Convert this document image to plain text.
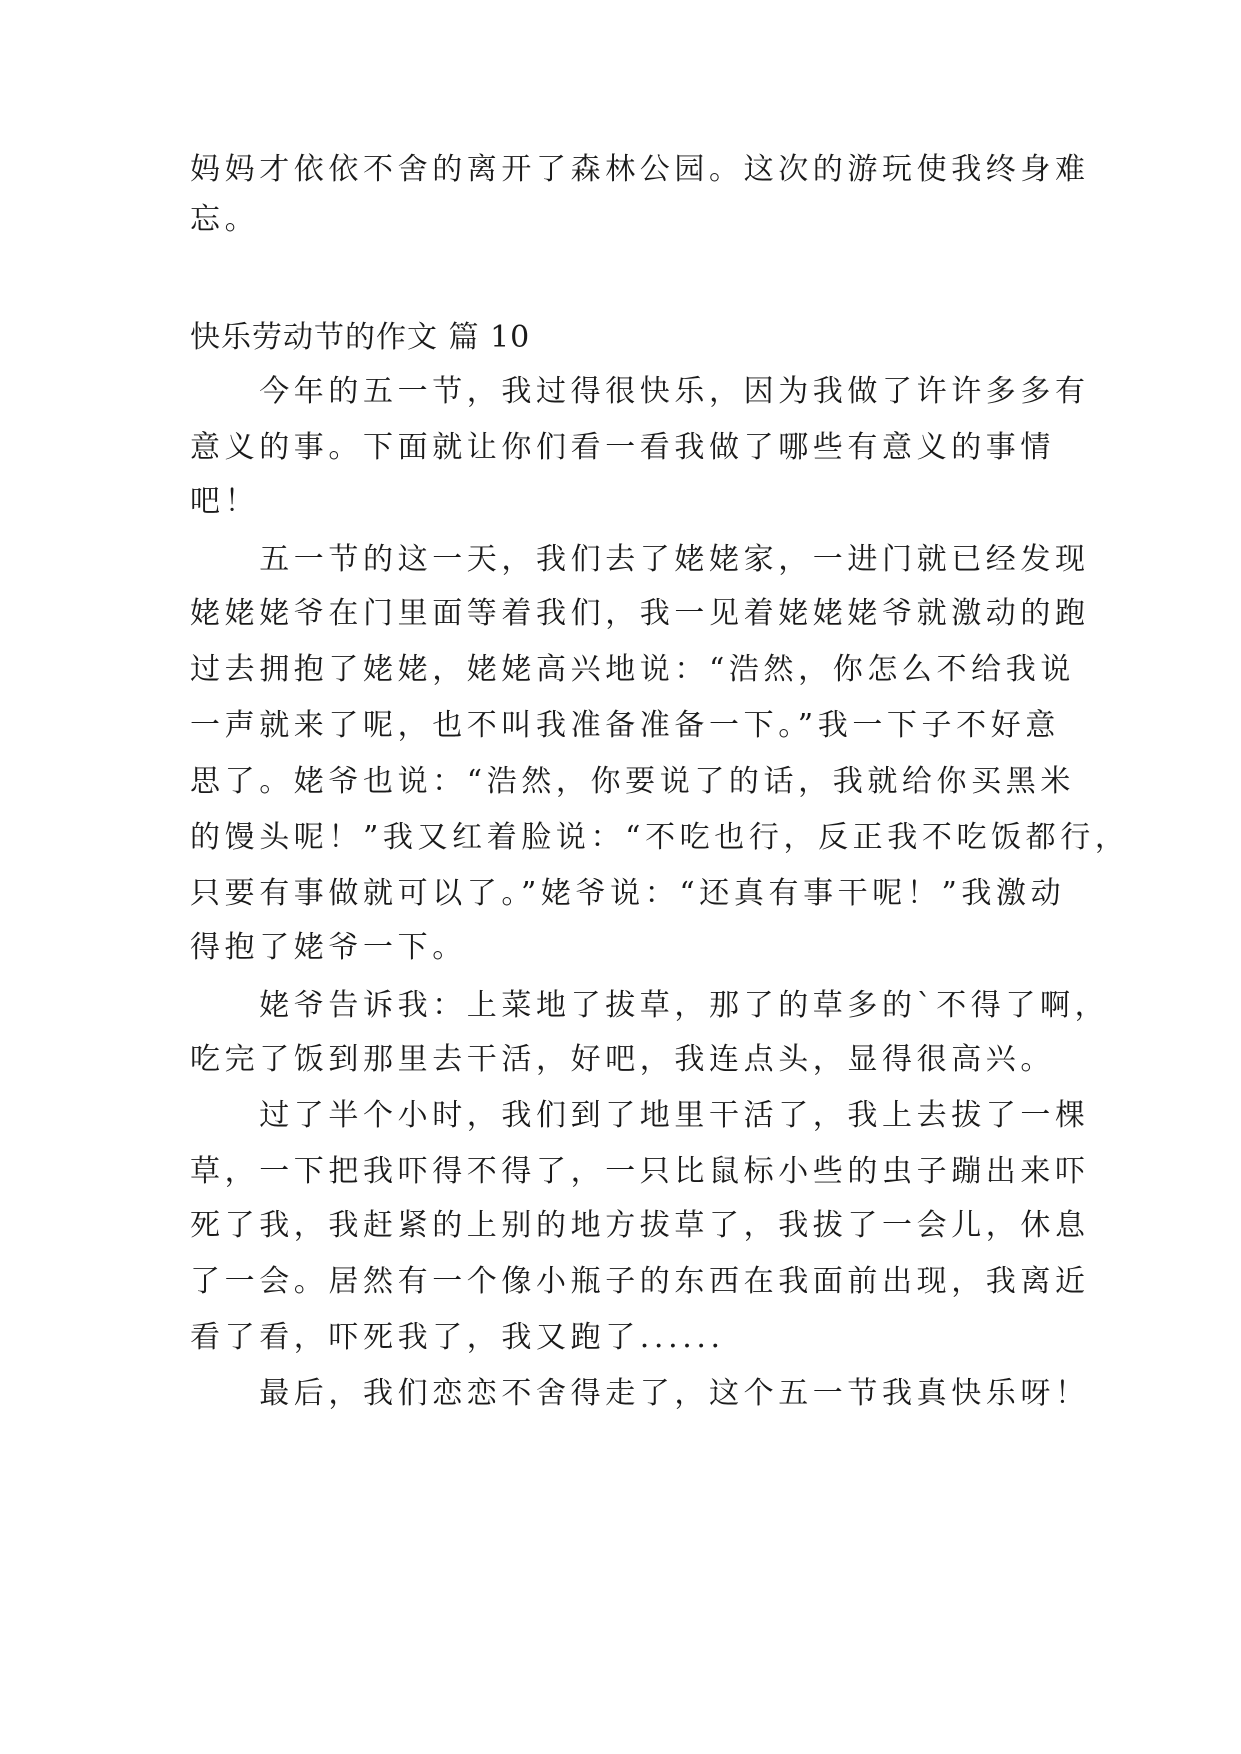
妈妈才依依不舍的离开了森林公园。这次的游玩使我终身难
忘。
快乐劳动节的作文 篇 10
　　今年的五一节，我过得很快乐，因为我做了许许多多有
意义的事。下面就让你们看一看我做了哪些有意义的事情
吧！
　　五一节的这一天，我们去了姥姥家，一进门就已经发现
姥姥姥爷在门里面等着我们，我一见着姥姥姥爷就激动的跑
过去拥抱了姥姥，姥姥高兴地说：“浩然，你怎么不给我说
一声就来了呢，也不叫我准备准备一下。”我一下子不好意
思了。姥爷也说：“浩然，你要说了的话，我就给你买黑米
的馒头呢！”我又红着脸说：“不吃也行，反正我不吃饭都行，
只要有事做就可以了。”姥爷说：“还真有事干呢！”我激动
得抱了姥爷一下。
　　姥爷告诉我：上菜地了拔草，那了的草多的`不得了啊，
吃完了饭到那里去干活，好吧，我连点头，显得很高兴。
　　过了半个小时，我们到了地里干活了，我上去拔了一棵
草，一下把我吓得不得了，一只比鼠标小些的虫子蹦出来吓
死了我，我赶紧的上别的地方拔草了，我拔了一会儿，休息
了一会。居然有一个像小瓶子的东西在我面前出现，我离近
看了看，吓死我了，我又跑了......
　　最后，我们恋恋不舍得走了，这个五一节我真快乐呀！
